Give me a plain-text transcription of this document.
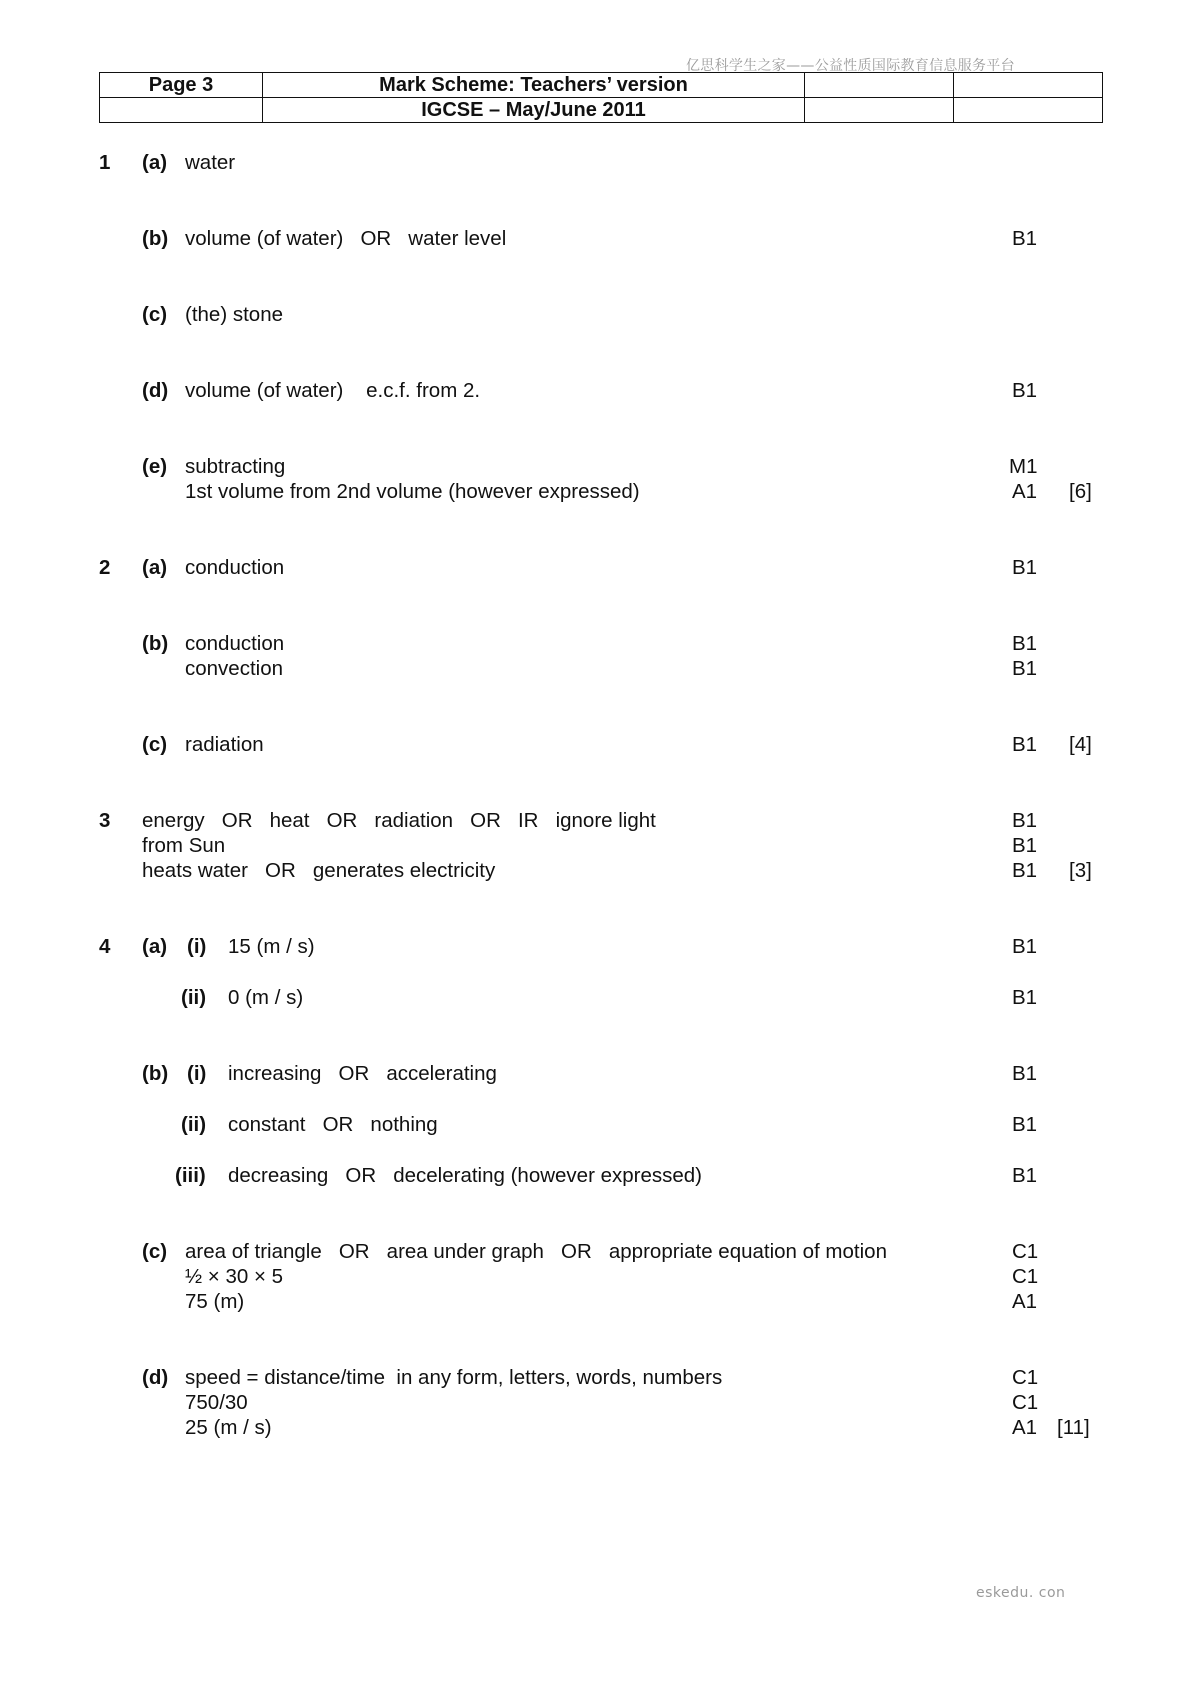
亿思科学生之家——公益性质国际教育信息服务平台
Page 3	Mark Scheme: Teachers’ version		
	IGCSE – May/June 2011		
1 (a) water
(b) volume (of water)   OR   water level	B1
(c) (the) stone
(d) volume (of water)    e.c.f. from 2.	B1
(e) subtracting	M1
1st volume from 2nd volume (however expressed)	A1 [6]
2 (a) conduction	B1
(b) conduction	B1
convection	B1
(c) radiation	B1 [4]
3 energy   OR   heat   OR   radiation   OR   IR   ignore light	B1
from Sun	B1
heats water   OR   generates electricity	B1 [3]
4 (a) (i) 15 (m / s)	B1
(ii) 0 (m / s)	B1
(b) (i) increasing   OR   accelerating	B1
(ii) constant   OR   nothing	B1
(iii) decreasing   OR   decelerating (however expressed)	B1
(c) area of triangle   OR   area under graph   OR   appropriate equation of motion	C1
½ × 30 × 5	C1
75 (m)	A1
(d) speed = distance/time  in any form, letters, words, numbers	C1
750/30	C1
25 (m / s)	A1 [11]
eskedu. con
